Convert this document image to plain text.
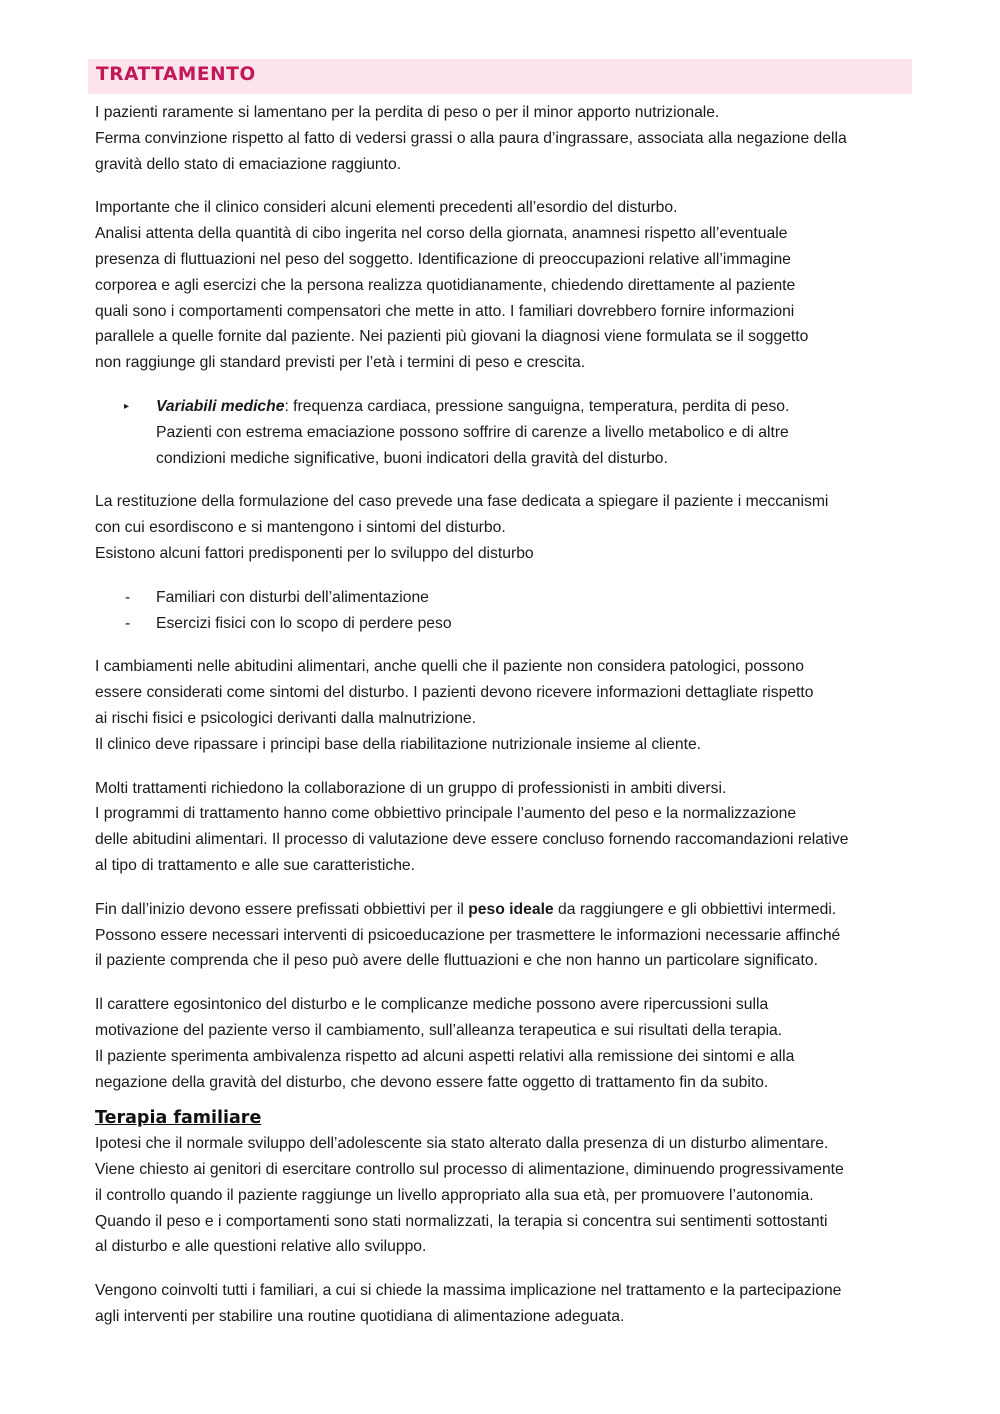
TRATTAMENTO
I pazienti raramente si lamentano per la perdita di peso o per il minor apporto nutrizionale.
Ferma convinzione rispetto al fatto di vedersi grassi o alla paura d’ingrassare, associata alla negazione della
gravità dello stato di emaciazione raggiunto.
Importante che il clinico consideri alcuni elementi precedenti all’esordio del disturbo.
Analisi attenta della quantità di cibo ingerita nel corso della giornata, anamnesi rispetto all’eventuale
presenza di fluttuazioni nel peso del soggetto. Identificazione di preoccupazioni relative all’immagine
corporea e agli esercizi che la persona realizza quotidianamente, chiedendo direttamente al paziente
quali sono i comportamenti compensatori che mette in atto. I familiari dovrebbero fornire informazioni
parallele a quelle fornite dal paziente. Nei pazienti più giovani la diagnosi viene formulata se il soggetto
non raggiunge gli standard previsti per l’età i termini di peso e crescita.
▸ Variabili mediche: frequenza cardiaca, pressione sanguigna, temperatura, perdita di peso.
Pazienti con estrema emaciazione possono soffrire di carenze a livello metabolico e di altre
condizioni mediche significative, buoni indicatori della gravità del disturbo.
La restituzione della formulazione del caso prevede una fase dedicata a spiegare il paziente i meccanismi
con cui esordiscono e si mantengono i sintomi del disturbo.
Esistono alcuni fattori predisponenti per lo sviluppo del disturbo
- Familiari con disturbi dell’alimentazione
- Esercizi fisici con lo scopo di perdere peso
I cambiamenti nelle abitudini alimentari, anche quelli che il paziente non considera patologici, possono
essere considerati come sintomi del disturbo. I pazienti devono ricevere informazioni dettagliate rispetto
ai rischi fisici e psicologici derivanti dalla malnutrizione.
Il clinico deve ripassare i principi base della riabilitazione nutrizionale insieme al cliente.
Molti trattamenti richiedono la collaborazione di un gruppo di professionisti in ambiti diversi.
I programmi di trattamento hanno come obbiettivo principale l’aumento del peso e la normalizzazione
delle abitudini alimentari. Il processo di valutazione deve essere concluso fornendo raccomandazioni relative
al tipo di trattamento e alle sue caratteristiche.
Fin dall’inizio devono essere prefissati obbiettivi per il peso ideale da raggiungere e gli obbiettivi intermedi.
Possono essere necessari interventi di psicoeducazione per trasmettere le informazioni necessarie affinché
il paziente comprenda che il peso può avere delle fluttuazioni e che non hanno un particolare significato.
Il carattere egosintonico del disturbo e le complicanze mediche possono avere ripercussioni sulla
motivazione del paziente verso il cambiamento, sull’alleanza terapeutica e sui risultati della terapia.
Il paziente sperimenta ambivalenza rispetto ad alcuni aspetti relativi alla remissione dei sintomi e alla
negazione della gravità del disturbo, che devono essere fatte oggetto di trattamento fin da subito.
Terapia familiare
Ipotesi che il normale sviluppo dell’adolescente sia stato alterato dalla presenza di un disturbo alimentare.
Viene chiesto ai genitori di esercitare controllo sul processo di alimentazione, diminuendo progressivamente
il controllo quando il paziente raggiunge un livello appropriato alla sua età, per promuovere l’autonomia.
Quando il peso e i comportamenti sono stati normalizzati, la terapia si concentra sui sentimenti sottostanti
al disturbo e alle questioni relative allo sviluppo.
Vengono coinvolti tutti i familiari, a cui si chiede la massima implicazione nel trattamento e la partecipazione
agli interventi per stabilire una routine quotidiana di alimentazione adeguata.
